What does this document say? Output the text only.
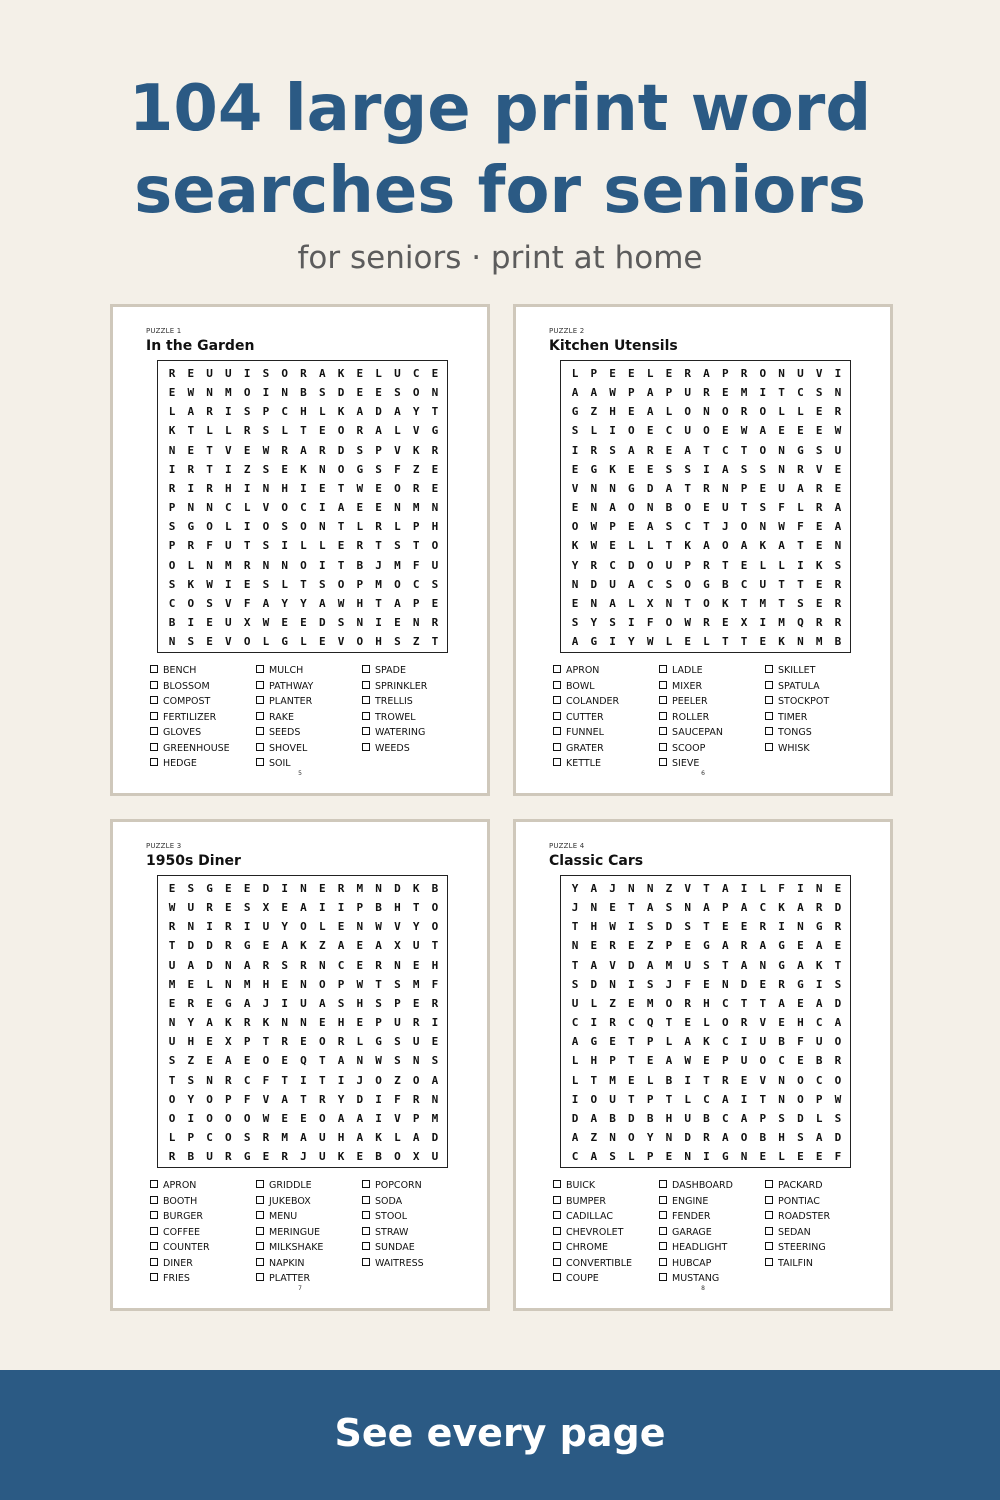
104 large print word
searches for seniors
for seniors · print at home
PUZZLE 1
In the Garden
R	E	U	U	I	S	O	R	A	K	E	L	U	C	E
E	W	N	M	O	I	N	B	S	D	E	E	S	O	N
L	A	R	I	S	P	C	H	L	K	A	D	A	Y	T
K	T	L	L	R	S	L	T	E	O	R	A	L	V	G
N	E	T	V	E	W	R	A	R	D	S	P	V	K	R
I	R	T	I	Z	S	E	K	N	O	G	S	F	Z	E
R	I	R	H	I	N	H	I	E	T	W	E	O	R	E
P	N	N	C	L	V	O	C	I	A	E	E	N	M	N
S	G	O	L	I	O	S	O	N	T	L	R	L	P	H
P	R	F	U	T	S	I	L	L	E	R	T	S	T	O
O	L	N	M	R	N	N	O	I	T	B	J	M	F	U
S	K	W	I	E	S	L	T	S	O	P	M	O	C	S
C	O	S	V	F	A	Y	Y	A	W	H	T	A	P	E
B	I	E	U	X	W	E	E	D	S	N	I	E	N	R
N	S	E	V	O	L	G	L	E	V	O	H	S	Z	T
BENCH
BLOSSOM
COMPOST
FERTILIZER
GLOVES
GREENHOUSE
HEDGE
MULCH
PATHWAY
PLANTER
RAKE
SEEDS
SHOVEL
SOIL
SPADE
SPRINKLER
TRELLIS
TROWEL
WATERING
WEEDS
5
PUZZLE 2
Kitchen Utensils
L	P	E	E	L	E	R	A	P	R	O	N	U	V	I
A	A	W	P	A	P	U	R	E	M	I	T	C	S	N
G	Z	H	E	A	L	O	N	O	R	O	L	L	E	R
S	L	I	O	E	C	U	O	E	W	A	E	E	E	W
I	R	S	A	R	E	A	T	C	T	O	N	G	S	U
E	G	K	E	E	S	S	I	A	S	S	N	R	V	E
V	N	N	G	D	A	T	R	N	P	E	U	A	R	E
E	N	A	O	N	B	O	E	U	T	S	F	L	R	A
O	W	P	E	A	S	C	T	J	O	N	W	F	E	A
K	W	E	L	L	T	K	A	O	A	K	A	T	E	N
Y	R	C	D	O	U	P	R	T	E	L	L	I	K	S
N	D	U	A	C	S	O	G	B	C	U	T	T	E	R
E	N	A	L	X	N	T	O	K	T	M	T	S	E	R
S	Y	S	I	F	O	W	R	E	X	I	M	Q	R	R
A	G	I	Y	W	L	E	L	T	T	E	K	N	M	B
APRON
BOWL
COLANDER
CUTTER
FUNNEL
GRATER
KETTLE
LADLE
MIXER
PEELER
ROLLER
SAUCEPAN
SCOOP
SIEVE
SKILLET
SPATULA
STOCKPOT
TIMER
TONGS
WHISK
6
PUZZLE 3
1950s Diner
E	S	G	E	E	D	I	N	E	R	M	N	D	K	B
W	U	R	E	S	X	E	A	I	I	P	B	H	T	O
R	N	I	R	I	U	Y	O	L	E	N	W	V	Y	O
T	D	D	R	G	E	A	K	Z	A	E	A	X	U	T
U	A	D	N	A	R	S	R	N	C	E	R	N	E	H
M	E	L	N	M	H	E	N	O	P	W	T	S	M	F
E	R	E	G	A	J	I	U	A	S	H	S	P	E	R
N	Y	A	K	R	K	N	N	E	H	E	P	U	R	I
U	H	E	X	P	T	R	E	O	R	L	G	S	U	E
S	Z	E	A	E	O	E	Q	T	A	N	W	S	N	S
T	S	N	R	C	F	T	I	T	I	J	O	Z	O	A
O	Y	O	P	F	V	A	T	R	Y	D	I	F	R	N
O	I	O	O	O	W	E	E	O	A	A	I	V	P	M
L	P	C	O	S	R	M	A	U	H	A	K	L	A	D
R	B	U	R	G	E	R	J	U	K	E	B	O	X	U
APRON
BOOTH
BURGER
COFFEE
COUNTER
DINER
FRIES
GRIDDLE
JUKEBOX
MENU
MERINGUE
MILKSHAKE
NAPKIN
PLATTER
POPCORN
SODA
STOOL
STRAW
SUNDAE
WAITRESS
7
PUZZLE 4
Classic Cars
Y	A	J	N	N	Z	V	T	A	I	L	F	I	N	E
J	N	E	T	A	S	N	A	P	A	C	K	A	R	D
T	H	W	I	S	D	S	T	E	E	R	I	N	G	R
N	E	R	E	Z	P	E	G	A	R	A	G	E	A	E
T	A	V	D	A	M	U	S	T	A	N	G	A	K	T
S	D	N	I	S	J	F	E	N	D	E	R	G	I	S
U	L	Z	E	M	O	R	H	C	T	T	A	E	A	D
C	I	R	C	Q	T	E	L	O	R	V	E	H	C	A
A	G	E	T	P	L	A	K	C	I	U	B	F	U	O
L	H	P	T	E	A	W	E	P	U	O	C	E	B	R
L	T	M	E	L	B	I	T	R	E	V	N	O	C	O
I	O	U	T	P	T	L	C	A	I	T	N	O	P	W
D	A	B	D	B	H	U	B	C	A	P	S	D	L	S
A	Z	N	O	Y	N	D	R	A	O	B	H	S	A	D
C	A	S	L	P	E	N	I	G	N	E	L	E	E	F
BUICK
BUMPER
CADILLAC
CHEVROLET
CHROME
CONVERTIBLE
COUPE
DASHBOARD
ENGINE
FENDER
GARAGE
HEADLIGHT
HUBCAP
MUSTANG
PACKARD
PONTIAC
ROADSTER
SEDAN
STEERING
TAILFIN
8
See every page
